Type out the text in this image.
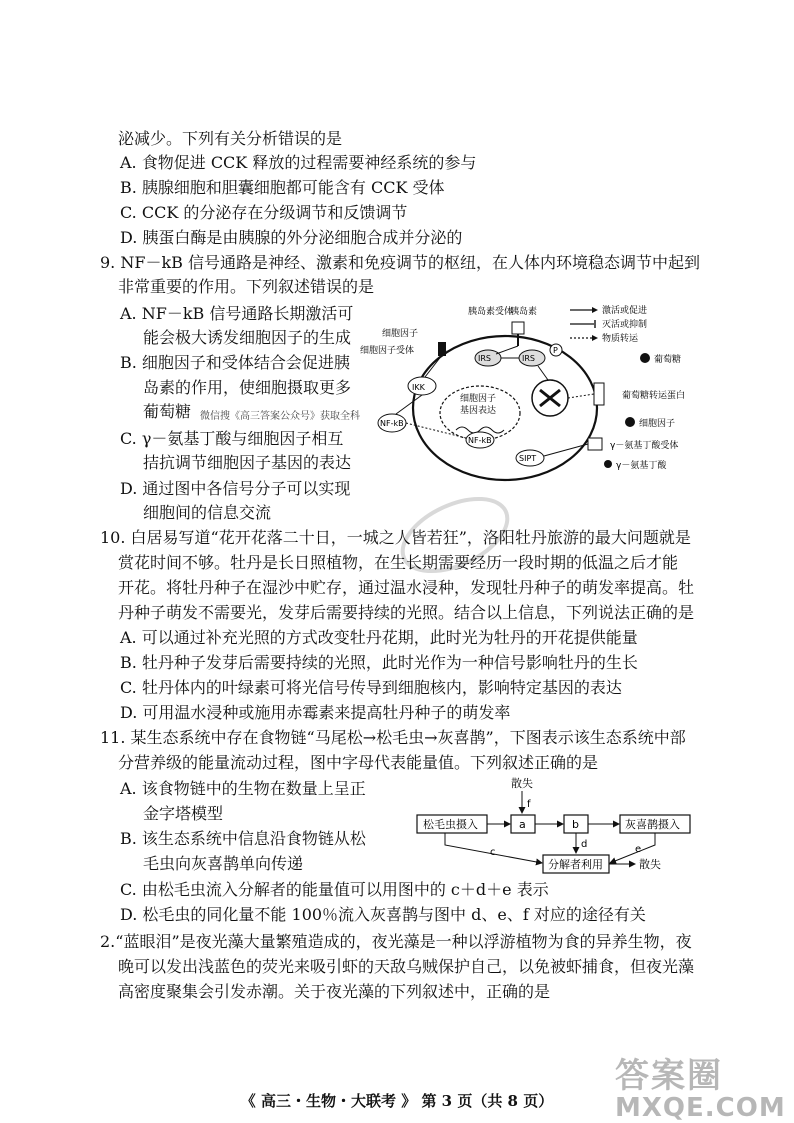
泌减少。下列有关分析错误的是
A. 食物促进 CCK 释放的过程需要神经系统的参与
B. 胰腺细胞和胆囊细胞都可能含有 CCK 受体
C. CCK 的分泌存在分级调节和反馈调节
D. 胰蛋白酶是由胰腺的外分泌细胞合成并分泌的
9. NF－kB 信号通路是神经、激素和免疫调节的枢纽，在人体内环境稳态调节中起到
非常重要的作用。下列叙述错误的是
A. NF－kB 信号通路长期激活可
能会极大诱发细胞因子的生成
B. 细胞因子和受体结合会促进胰
岛素的作用，使细胞摄取更多
葡萄糖 微信搜《高三答案公众号》获取全科
C. γ－氨基丁酸与细胞因子相互
拮抗调节细胞因子基因的表达
D. 通过图中各信号分子可以实现
细胞间的信息交流
激活或促进
灭活或抑制
物质转运
胰岛素受体
胰岛素
细胞因子
细胞因子受体
IKK
IRS	IRS
P
NF-kB
细胞因子
基因表达
NF-kB
SIPT
葡萄糖
葡萄糖转运蛋白
细胞因子
γ－氨基丁酸受体
γ－氨基丁酸
10. 白居易写道“花开花落二十日，一城之人皆若狂”，洛阳牡丹旅游的最大问题就是
赏花时间不够。牡丹是长日照植物，在生长期需要经历一段时期的低温之后才能
开花。将牡丹种子在湿沙中贮存，通过温水浸种，发现牡丹种子的萌发率提高。牡
丹种子萌发不需要光，发芽后需要持续的光照。结合以上信息，下列说法正确的是
A. 可以通过补充光照的方式改变牡丹花期，此时光为牡丹的开花提供能量
B. 牡丹种子发芽后需要持续的光照，此时光作为一种信号影响牡丹的生长
C. 牡丹体内的叶绿素可将光信号传导到细胞核内，影响特定基因的表达
D. 可用温水浸种或施用赤霉素来提高牡丹种子的萌发率
11. 某生态系统中存在食物链“马尾松→松毛虫→灰喜鹊”，下图表示该生态系统中部
分营养级的能量流动过程，图中字母代表能量值。下列叙述正确的是
A. 该食物链中的生物在数量上呈正
金字塔模型
B. 该生态系统中信息沿食物链从松
毛虫向灰喜鹊单向传递
C. 由松毛虫流入分解者的能量值可以用图中的 c＋d＋e 表示
D. 松毛虫的同化量不能 100％流入灰喜鹊与图中 d、e、f 对应的途径有关
散失
f
松毛虫摄入	a	b	灰喜鹊摄入
d
分解者利用
c	e
散失
2.“蓝眼泪”是夜光藻大量繁殖造成的，夜光藻是一种以浮游植物为食的异养生物，夜
晚可以发出浅蓝色的荧光来吸引虾的天敌乌贼保护自己，以免被虾捕食，但夜光藻
高密度聚集会引发赤潮。关于夜光藻的下列叙述中，正确的是
《 高三・生物・大联考 》 第 3 页（共 8 页）
答案圈
MXQE.COM
